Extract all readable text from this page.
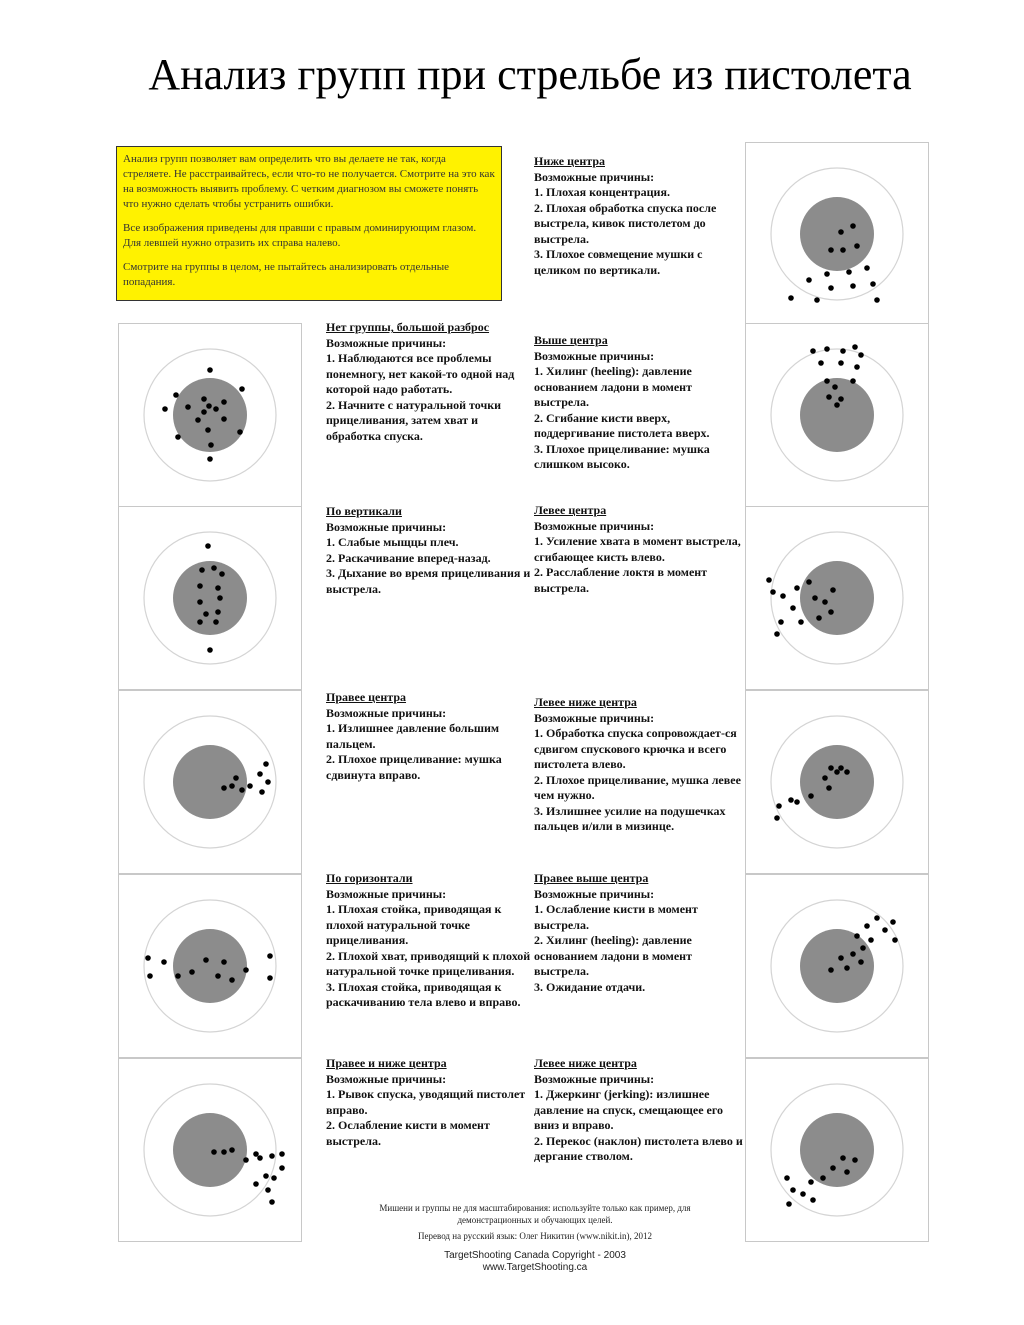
Анализ групп при стрельбе из пистолета

Анализ групп позволяет вам определить что вы делаете не так, когда стреляете. Не расстраивайтесь, если что-то не получается. Смотрите на это как на возможность выявить проблему. С четким диагнозом вы сможете понять что нужно сделать чтобы устранить ошибки.

Все изображения приведены для правши с правым доминирующим глазом. Для левшей нужно отразить их справа налево.

Смотрите на группы в целом, не пытайтесь анализировать отдельные попадания.

Нет группы, большой разброс
Возможные причины:
1. Наблюдаются все проблемы понемногу, нет какой-то одной над которой надо работать.
2. Начните с натуральной точки прицеливания, затем хват и обработка спуска.
По вертикали
Возможные причины:
1. Слабые мыщцы плеч.
2. Раскачивание вперед-назад.
3. Дыхание во время прицеливания и выстрела.
Правее центра
Возможные причины:
1. Излишнее давление большим пальцем.
2. Плохое прицеливание: мушка сдвинута вправо.
По горизонтали
Возможные причины:
1. Плохая стойка, приводящая к плохой натуральной точке прицеливания.
2. Плохой хват, приводящий к плохой натуральной точке прицеливания.
3. Плохая стойка, приводящая к раскачиванию тела влево и вправо.
Правее и ниже центра
Возможные причины:
1. Рывок спуска, уводящий пистолет вправо.
2. Ослабление кисти в момент выстрела.
Ниже центра
Возможные причины:
1. Плохая концентрация.
2. Плохая обработка спуска после выстрела, кивок пистолетом до выстрела.
3. Плохое совмещение мушки с целиком по вертикали.
Выше центра
Возможные причины:
1. Хилинг (heeling): давление основанием ладони в момент выстрела.
2. Сгибание кисти вверх, поддергивание пистолета вверх.
3. Плохое прицеливание: мушка слишком высоко.
Левее центра
Возможные причины:
1. Усиление хвата в момент выстрела, сгибающее кисть влево.
2. Расслабление локтя в момент выстрела.
Левее ниже центра
Возможные причины:
1. Обработка спуска сопровождает-ся сдвигом спускового крючка и всего пистолета влево.
2. Плохое прицеливание, мушка левее чем нужно.
3. Излишнее усилие на подушечках пальцев и/или в мизинце.
Правее выше центра
Возможные причины:
1. Ослабление кисти в момент выстрела.
2. Хилинг (heeling): давление основанием ладони в момент выстрела.
3. Ожидание отдачи.
Левее ниже центра
Возможные причины:
1. Джеркинг (jerking): излишнее давление на спуск, смещающее его вниз и вправо.
2. Перекос (наклон) пистолета влево и дергание стволом.
Мишени и группы не для масштабирования: используйте только как пример, для демонстрационных и обучающих целей.
Перевод на русский язык: Олег Никитин (www.nikit.in), 2012
TargetShooting Canada Copyright - 2003
www.TargetShooting.ca
